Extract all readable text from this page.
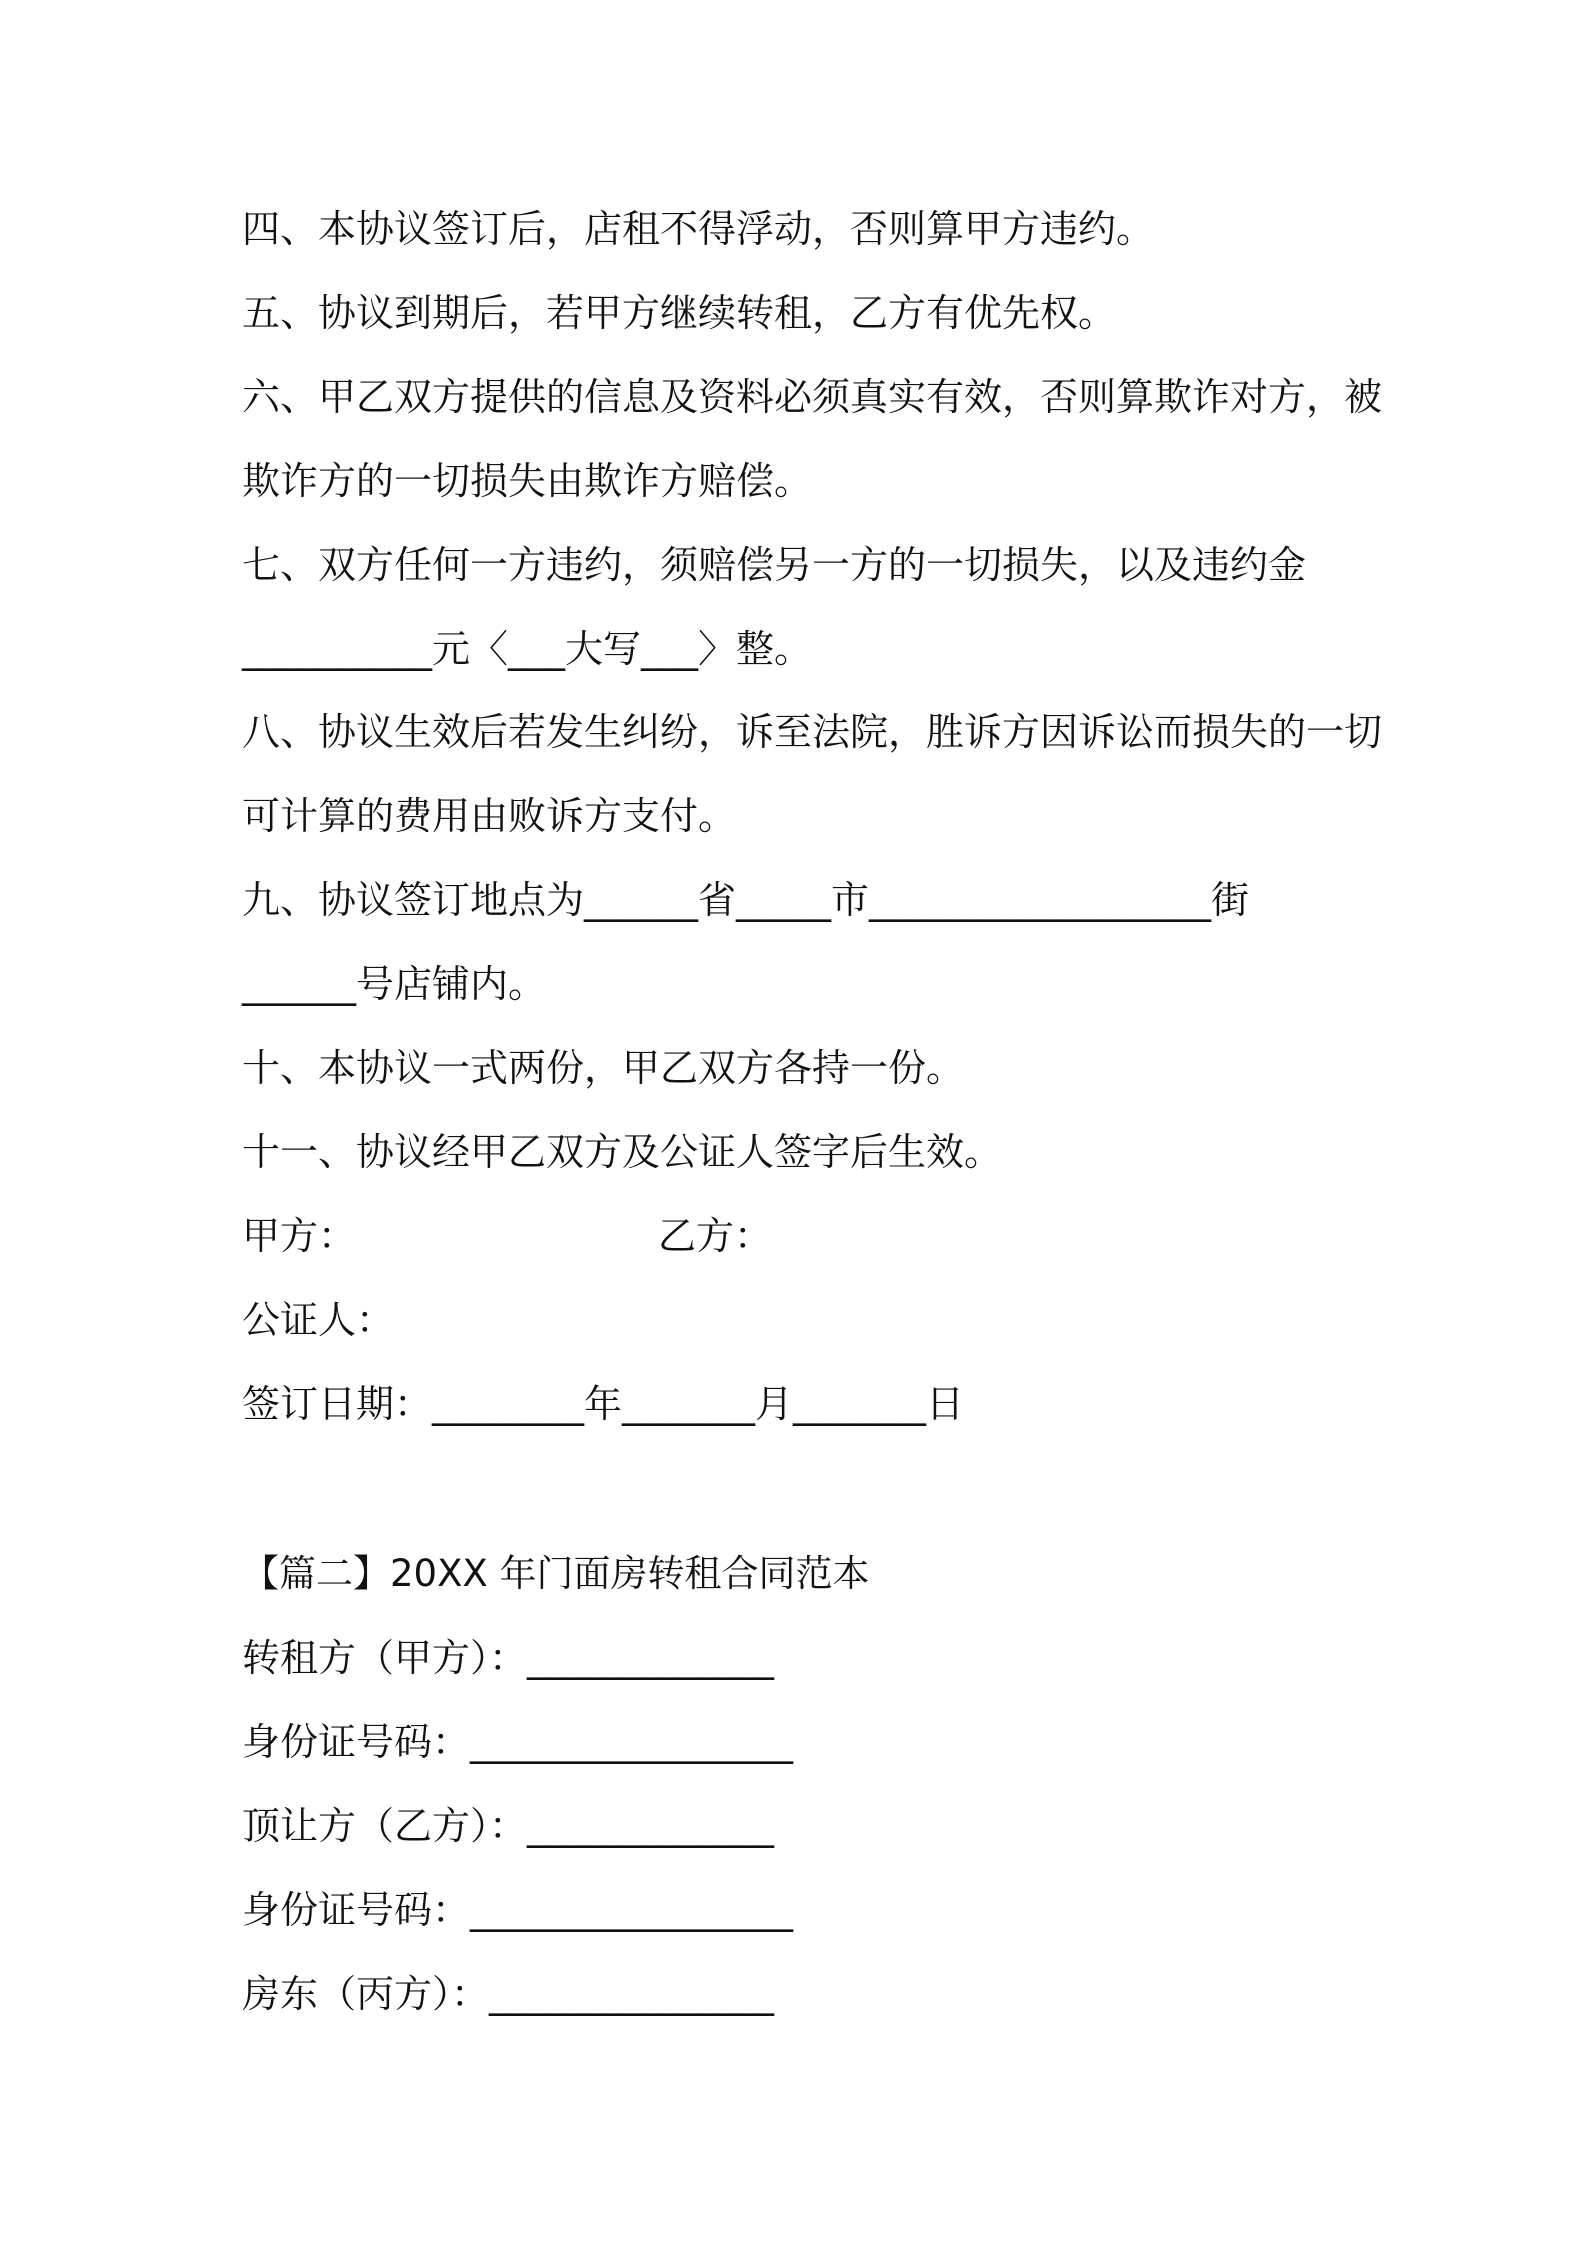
四、本协议签订后，店租不得浮动，否则算甲方违约。
五、协议到期后，若甲方继续转租，乙方有优先权。
六、甲乙双方提供的信息及资料必须真实有效，否则算欺诈对方，被
欺诈方的一切损失由欺诈方赔偿。
七、双方任何一方违约，须赔偿另一方的一切损失，以及违约金
__________元〈___大写___〉整。
八、协议生效后若发生纠纷，诉至法院，胜诉方因诉讼而损失的一切
可计算的费用由败诉方支付。
九、协议签订地点为______省_____市__________________街
______号店铺内。
十、本协议一式两份，甲乙双方各持一份。
十一、协议经甲乙双方及公证人签字后生效。
甲方：	乙方：
公证人：
签订日期：________年_______月_______日
【篇二】20XX 年门面房转租合同范本
转租方（甲方）：_____________
身份证号码：_________________
顶让方（乙方）：_____________
身份证号码：_________________
房东（丙方）：_______________
